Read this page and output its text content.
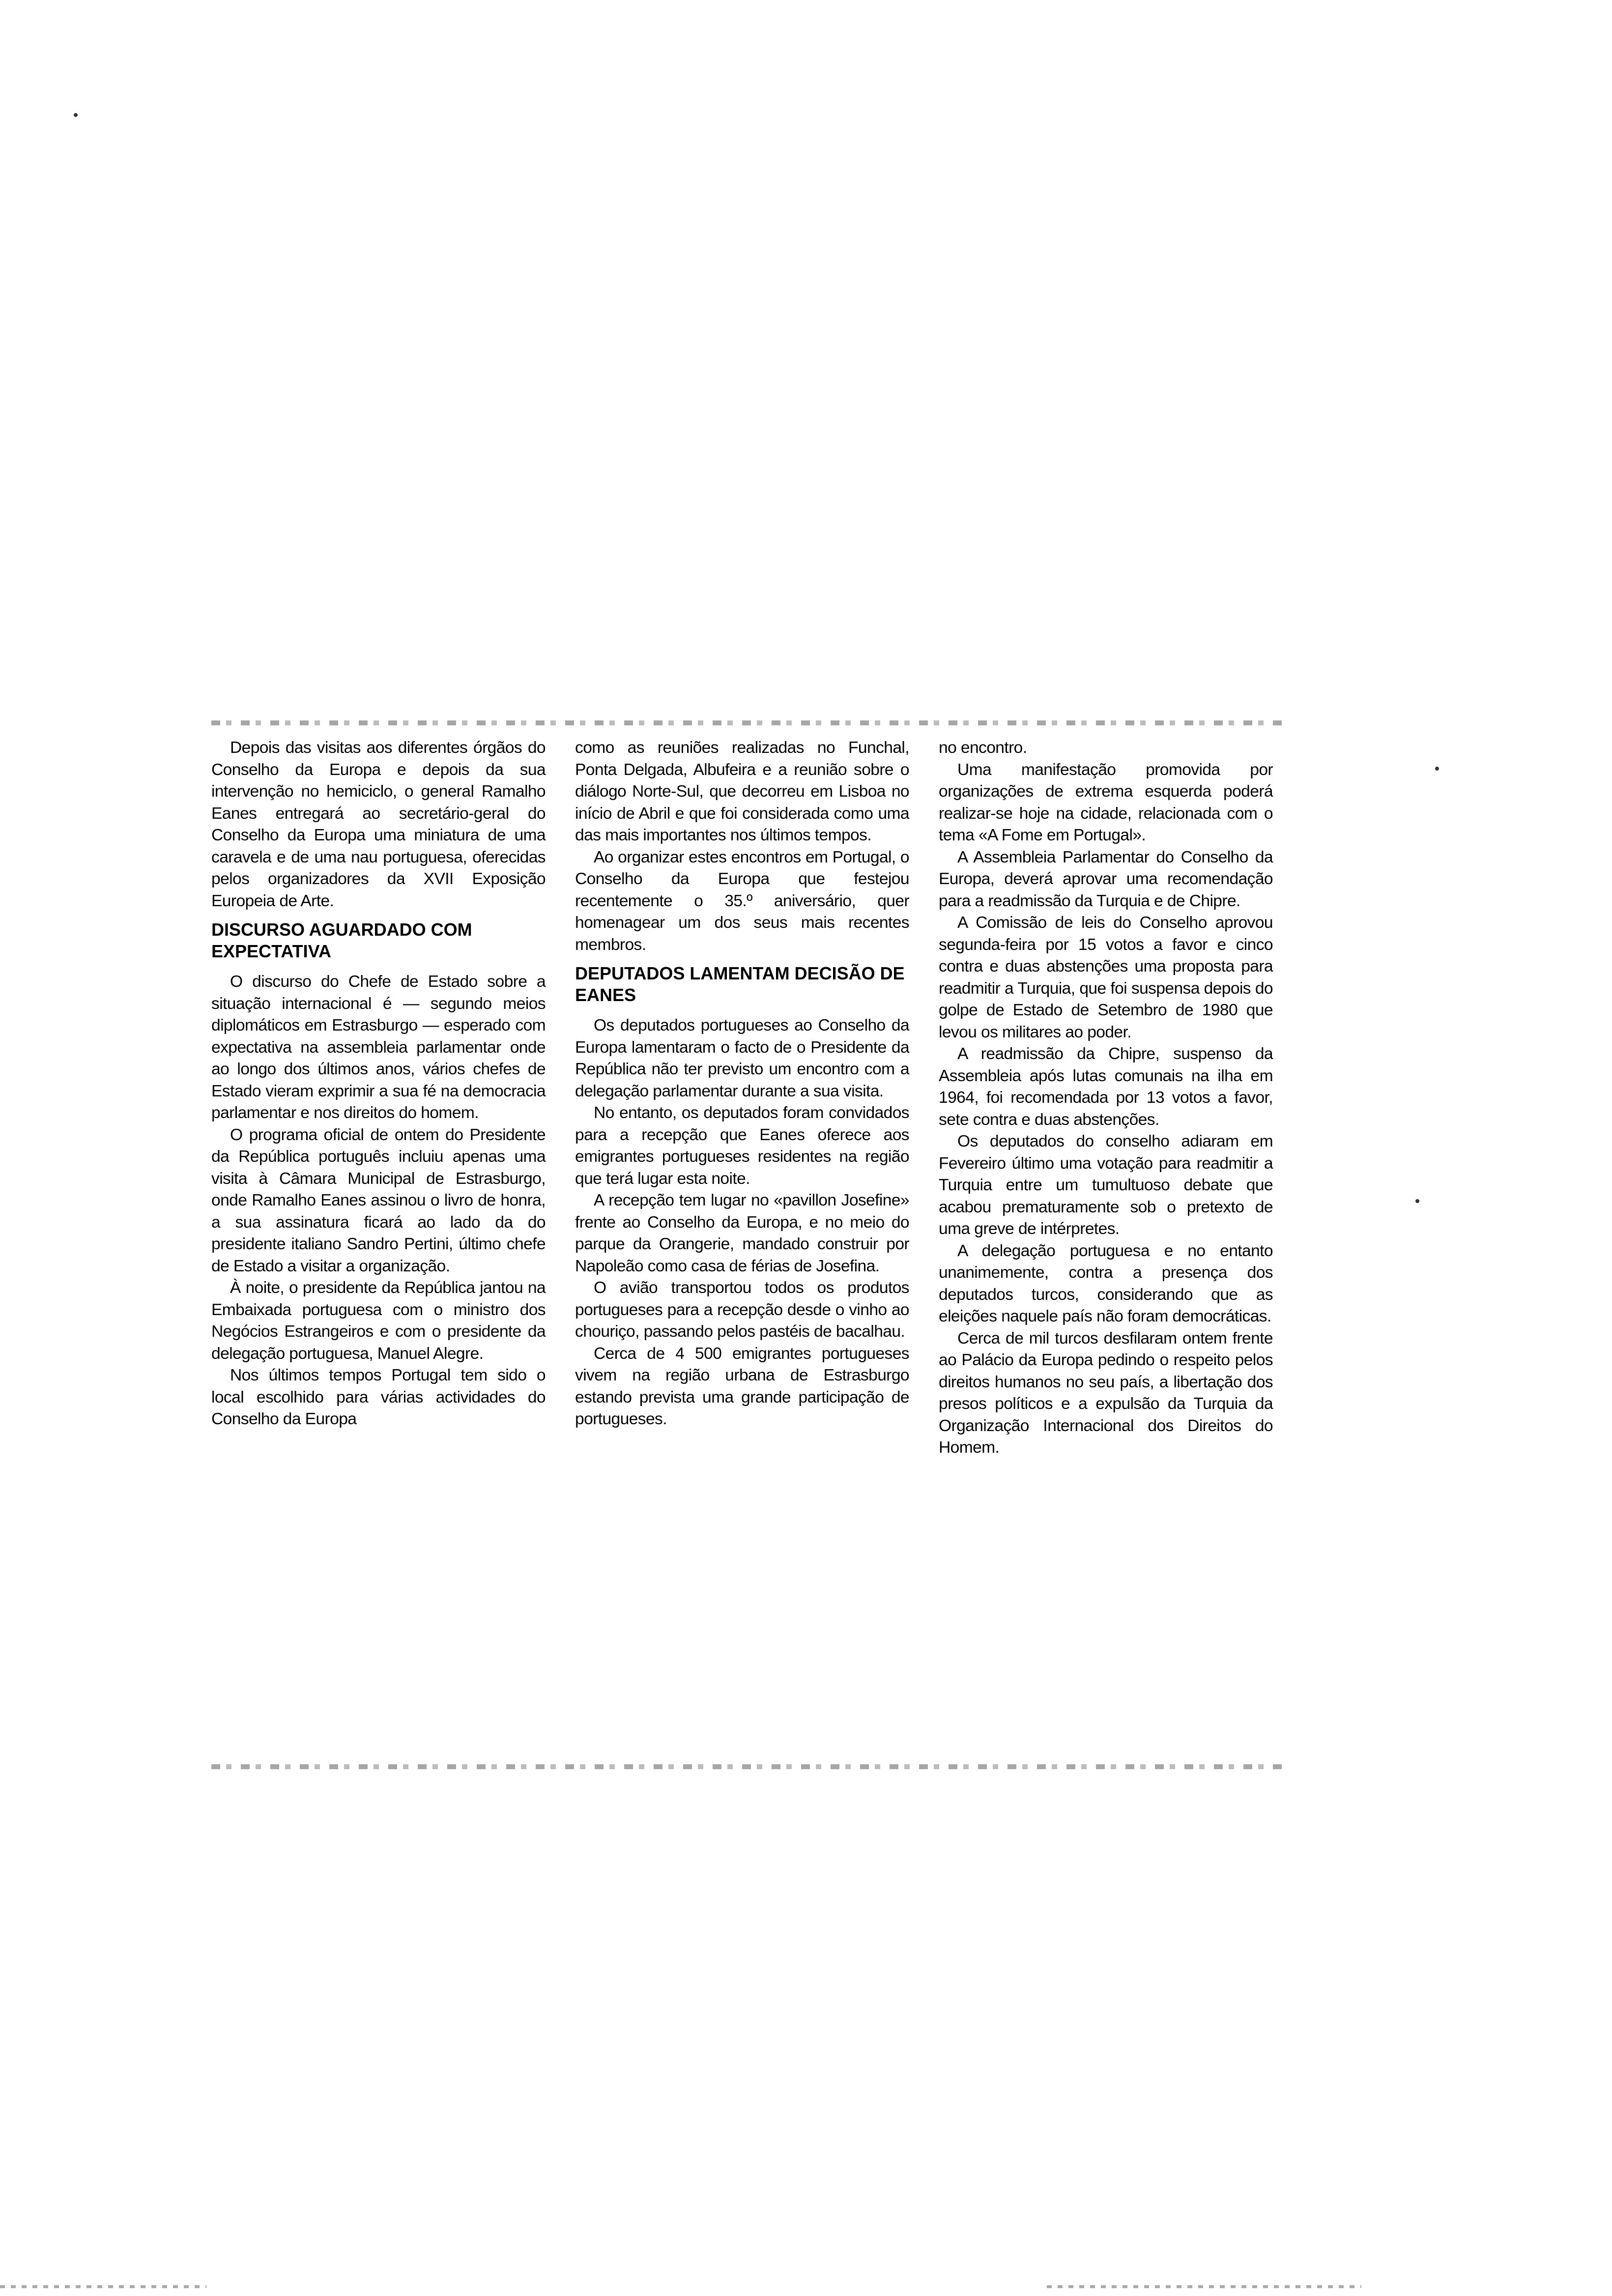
Depois das visitas aos diferentes órgãos do Conselho da Europa e depois da sua intervenção no hemiciclo, o general Ramalho Eanes entregará ao secretário-geral do Conselho da Europa uma miniatura de uma caravela e de uma nau portuguesa, oferecidas pelos organizadores da XVII Exposição Europeia de Arte.

DISCURSO AGUARDADO COM EXPECTATIVA

O discurso do Chefe de Estado sobre a situação internacional é — segundo meios diplomáticos em Estrasburgo — esperado com expectativa na assembleia parlamentar onde ao longo dos últimos anos, vários chefes de Estado vieram exprimir a sua fé na democracia parlamentar e nos direitos do homem.

O programa oficial de ontem do Presidente da República português incluiu apenas uma visita à Câmara Municipal de Estrasburgo, onde Ramalho Eanes assinou o livro de honra, a sua assinatura ficará ao lado da do presidente italiano Sandro Pertini, último chefe de Estado a visitar a organização.

À noite, o presidente da República jantou na Embaixada portuguesa com o ministro dos Negócios Estrangeiros e com o presidente da delegação portuguesa, Manuel Alegre.

Nos últimos tempos Portugal tem sido o local escolhido para várias actividades do Conselho da Europa

como as reuniões realizadas no Funchal, Ponta Delgada, Albufeira e a reunião sobre o diálogo Norte-Sul, que decorreu em Lisboa no início de Abril e que foi considerada como uma das mais importantes nos últimos tempos.

Ao organizar estes encontros em Portugal, o Conselho da Europa que festejou recentemente o 35.º aniversário, quer homenagear um dos seus mais recentes membros.

DEPUTADOS LAMENTAM DECISÃO DE EANES

Os deputados portugueses ao Conselho da Europa lamentaram o facto de o Presidente da República não ter previsto um encontro com a delegação parlamentar durante a sua visita.

No entanto, os deputados foram convidados para a recepção que Eanes oferece aos emigrantes portugueses residentes na região que terá lugar esta noite.

A recepção tem lugar no «pavillon Josefine» frente ao Conselho da Europa, e no meio do parque da Orangerie, mandado construir por Napoleão como casa de férias de Josefina.

O avião transportou todos os produtos portugueses para a recepção desde o vinho ao chouriço, passando pelos pastéis de bacalhau.

Cerca de 4 500 emigrantes portugueses vivem na região urbana de Estrasburgo estando prevista uma grande participação de portugueses.

no encontro.

Uma manifestação promovida por organizações de extrema esquerda poderá realizar-se hoje na cidade, relacionada com o tema «A Fome em Portugal».

A Assembleia Parlamentar do Conselho da Europa, deverá aprovar uma recomendação para a readmissão da Turquia e de Chipre.

A Comissão de leis do Conselho aprovou segunda-feira por 15 votos a favor e cinco contra e duas abstenções uma proposta para readmitir a Turquia, que foi suspensa depois do golpe de Estado de Setembro de 1980 que levou os militares ao poder.

A readmissão da Chipre, suspenso da Assembleia após lutas comunais na ilha em 1964, foi recomendada por 13 votos a favor, sete contra e duas abstenções.

Os deputados do conselho adiaram em Fevereiro último uma votação para readmitir a Turquia entre um tumultuoso debate que acabou prematuramente sob o pretexto de uma greve de intérpretes.

A delegação portuguesa e no entanto unanimemente, contra a presença dos deputados turcos, considerando que as eleições naquele país não foram democráticas.

Cerca de mil turcos desfilaram ontem frente ao Palácio da Europa pedindo o respeito pelos direitos humanos no seu país, a libertação dos presos políticos e a expulsão da Turquia da Organização Internacional dos Direitos do Homem.
